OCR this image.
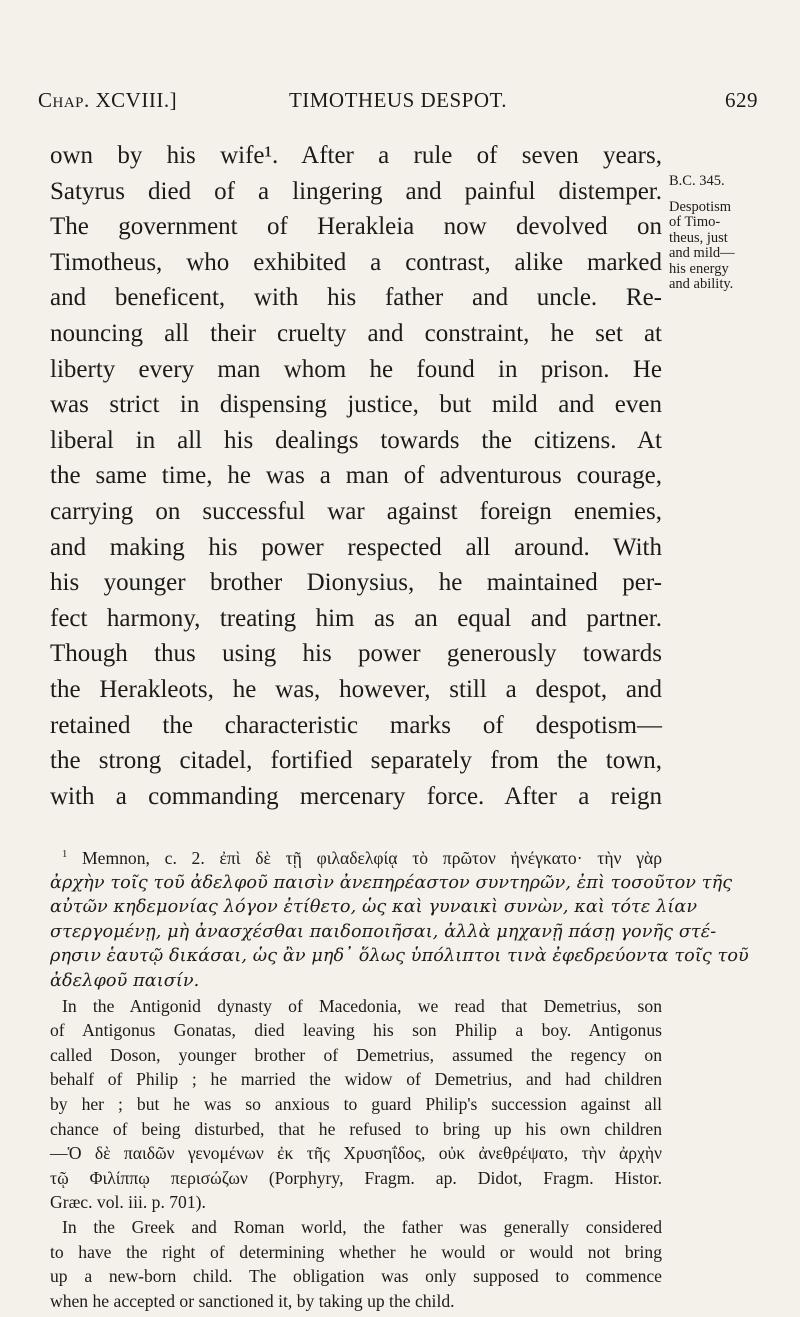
Chap. XCVIII.]	TIMOTHEUS DESPOT.	629
own by his wife¹. After a rule of seven years,
Satyrus died of a lingering and painful distemper.
The government of Herakleia now devolved on
Timotheus, who exhibited a contrast, alike marked
and beneficent, with his father and uncle. Re-
nouncing all their cruelty and constraint, he set at
liberty every man whom he found in prison. He
was strict in dispensing justice, but mild and even
liberal in all his dealings towards the citizens. At
the same time, he was a man of adventurous courage,
carrying on successful war against foreign enemies,
and making his power respected all around. With
his younger brother Dionysius, he maintained per-
fect harmony, treating him as an equal and partner.
Though thus using his power generously towards
the Herakleots, he was, however, still a despot, and
retained the characteristic marks of despotism—
the strong citadel, fortified separately from the town,
with a commanding mercenary force. After a reign
B.C. 345.
Despotism
of Timo-
theus, just
and mild—
his energy
and ability.
$^1$ Memnon, c. 2. ἐπὶ δὲ τῇ φιλαδελφίᾳ τὸ πρῶτον ἠνέγκατο· τὴν γὰρ
ἀρχὴν τοῖς τοῦ ἀδελφοῦ παισὶν ἀνεπηρέαστον συντηρῶν, ἐπὶ τοσοῦτον τῆς
αὐτῶν κηδεμονίας λόγον ἐτίθετο, ὡς καὶ γυναικὶ συνὼν, καὶ τότε λίαν
στεργομένῃ, μὴ ἀνασχέσθαι παιδοποιῆσαι, ἀλλὰ μηχανῇ πάσῃ γονῆς στέ-
ρησιν ἑαυτῷ δικάσαι, ὡς ἂν μηδ᾽ ὅλως ὑπόλιπτοι τινὰ ἐφεδρεύοντα τοῖς τοῦ
ἀδελφοῦ παισίν.
In the Antigonid dynasty of Macedonia, we read that Demetrius, son
of Antigonus Gonatas, died leaving his son Philip a boy. Antigonus
called Doson, younger brother of Demetrius, assumed the regency on
behalf of Philip ; he married the widow of Demetrius, and had children
by her ; but he was so anxious to guard Philip's succession against all
chance of being disturbed, that he refused to bring up his own children
—Ὁ δὲ παιδῶν γενομένων ἐκ τῆς Χρυσηΐδος, οὐκ ἀνεθρέψατο, τὴν ἀρχὴν
τῷ Φιλίππῳ περισώζων (Porphyry, Fragm. ap. Didot, Fragm. Histor.
Græc. vol. iii. p. 701).
In the Greek and Roman world, the father was generally considered
to have the right of determining whether he would or would not bring
up a new-born child. The obligation was only supposed to commence
when he accepted or sanctioned it, by taking up the child.
